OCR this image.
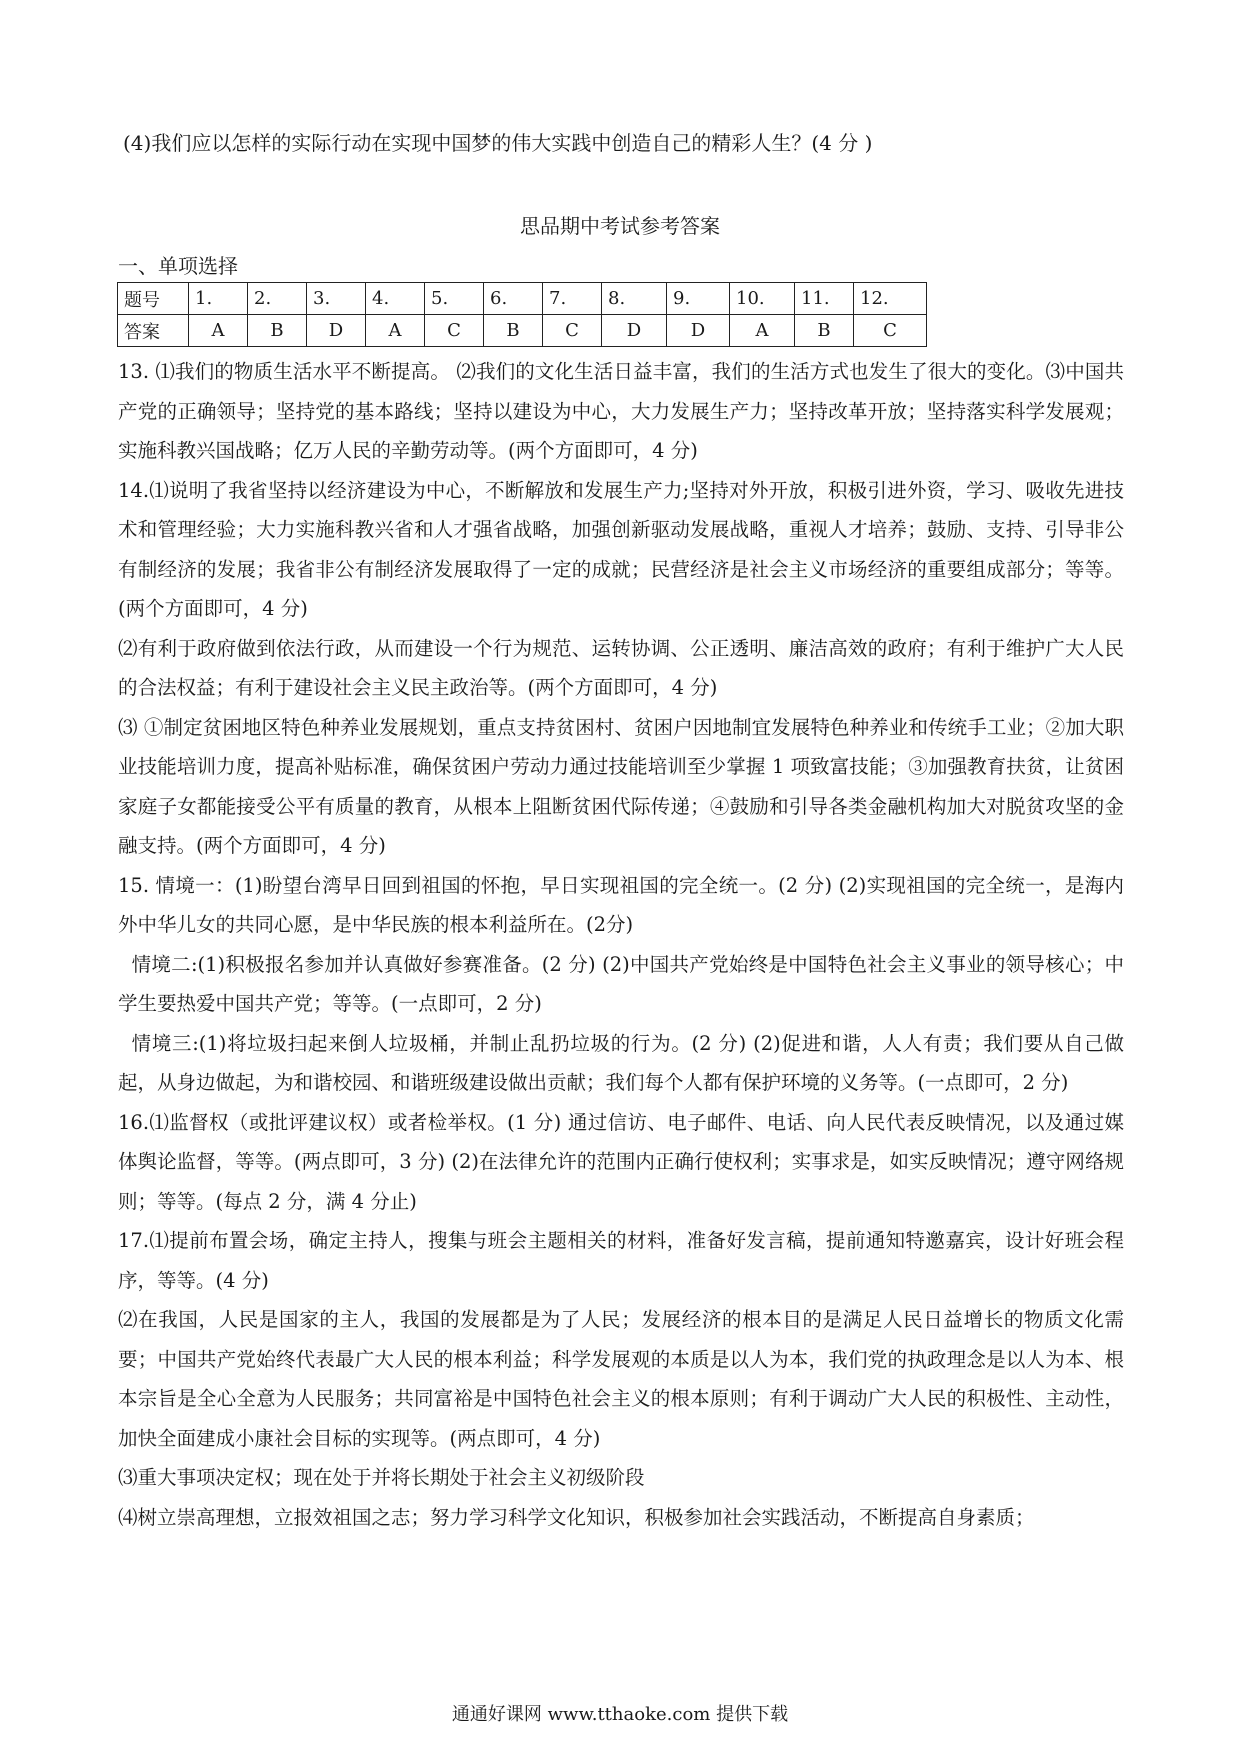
(4)我们应以怎样的实际行动在实现中国梦的伟大实践中创造自己的精彩人生？(4 分 )
思品期中考试参考答案
一、单项选择
题号	1.	2.	3.	4.	5.	6.	7.	8.	9.	10.	11.	12.
答案	A	B	D	A	C	B	C	D	D	A	B	C

13. ⑴我们的物质生活水平不断提高。 ⑵我们的文化生活日益丰富，我们的生活方式也发生了很大的变化。⑶中国共产党的正确领导；坚持党的基本路线；坚持以建设为中心，大力发展生产力；坚持改革开放；坚持落实科学发展观；实施科教兴国战略；亿万人民的辛勤劳动等。(两个方面即可，4 分)

14.⑴说明了我省坚持以经济建设为中心，不断解放和发展生产力;坚持对外开放，积极引进外资，学习、吸收先进技术和管理经验；大力实施科教兴省和人才强省战略，加强创新驱动发展战略，重视人才培养；鼓励、支持、引导非公有制经济的发展；我省非公有制经济发展取得了一定的成就；民营经济是社会主义市场经济的重要组成部分；等等。(两个方面即可，4 分)

⑵有利于政府做到依法行政，从而建设一个行为规范、运转协调、公正透明、廉洁高效的政府；有利于维护广大人民的合法权益；有利于建设社会主义民主政治等。(两个方面即可，4 分)

⑶ ①制定贫困地区特色种养业发展规划，重点支持贫困村、贫困户因地制宜发展特色种养业和传统手工业；②加大职业技能培训力度，提高补贴标准，确保贫困户劳动力通过技能培训至少掌握 1 项致富技能；③加强教育扶贫，让贫困家庭子女都能接受公平有质量的教育，从根本上阻断贫困代际传递；④鼓励和引导各类金融机构加大对脱贫攻坚的金融支持。(两个方面即可，4 分)

15. 情境一：(1)盼望台湾早日回到祖国的怀抱，早日实现祖国的完全统一。(2 分) (2)实现祖国的完全统一，是海内外中华儿女的共同心愿，是中华民族的根本利益所在。(2分)

情境二:(1)积极报名参加并认真做好参赛准备。(2 分) (2)中国共产党始终是中国特色社会主义事业的领导核心；中学生要热爱中国共产党；等等。(一点即可，2 分)

情境三:(1)将垃圾扫起来倒人垃圾桶，并制止乱扔垃圾的行为。(2 分) (2)促进和谐，人人有责；我们要从自己做起，从身边做起，为和谐校园、和谐班级建设做出贡献；我们每个人都有保护环境的义务等。(一点即可，2 分)

16.⑴监督权（或批评建议权）或者检举权。(1 分) 通过信访、电子邮件、电话、向人民代表反映情况，以及通过媒体舆论监督，等等。(两点即可，3 分) (2)在法律允许的范围内正确行使权利；实事求是，如实反映情况；遵守网络规则；等等。(每点 2 分，满 4 分止)

17.⑴提前布置会场，确定主持人，搜集与班会主题相关的材料，准备好发言稿，提前通知特邀嘉宾，设计好班会程序，等等。(4 分)

⑵在我国，人民是国家的主人，我国的发展都是为了人民；发展经济的根本目的是满足人民日益增长的物质文化需要；中国共产党始终代表最广大人民的根本利益；科学发展观的本质是以人为本，我们党的执政理念是以人为本、根本宗旨是全心全意为人民服务；共同富裕是中国特色社会主义的根本原则；有利于调动广大人民的积极性、主动性，加快全面建成小康社会目标的实现等。(两点即可，4 分)

⑶重大事项决定权；现在处于并将长期处于社会主义初级阶段

⑷树立崇高理想，立报效祖国之志；努力学习科学文化知识，积极参加社会实践活动，不断提高自身素质；

通通好课网 www.tthaoke.com 提供下载
